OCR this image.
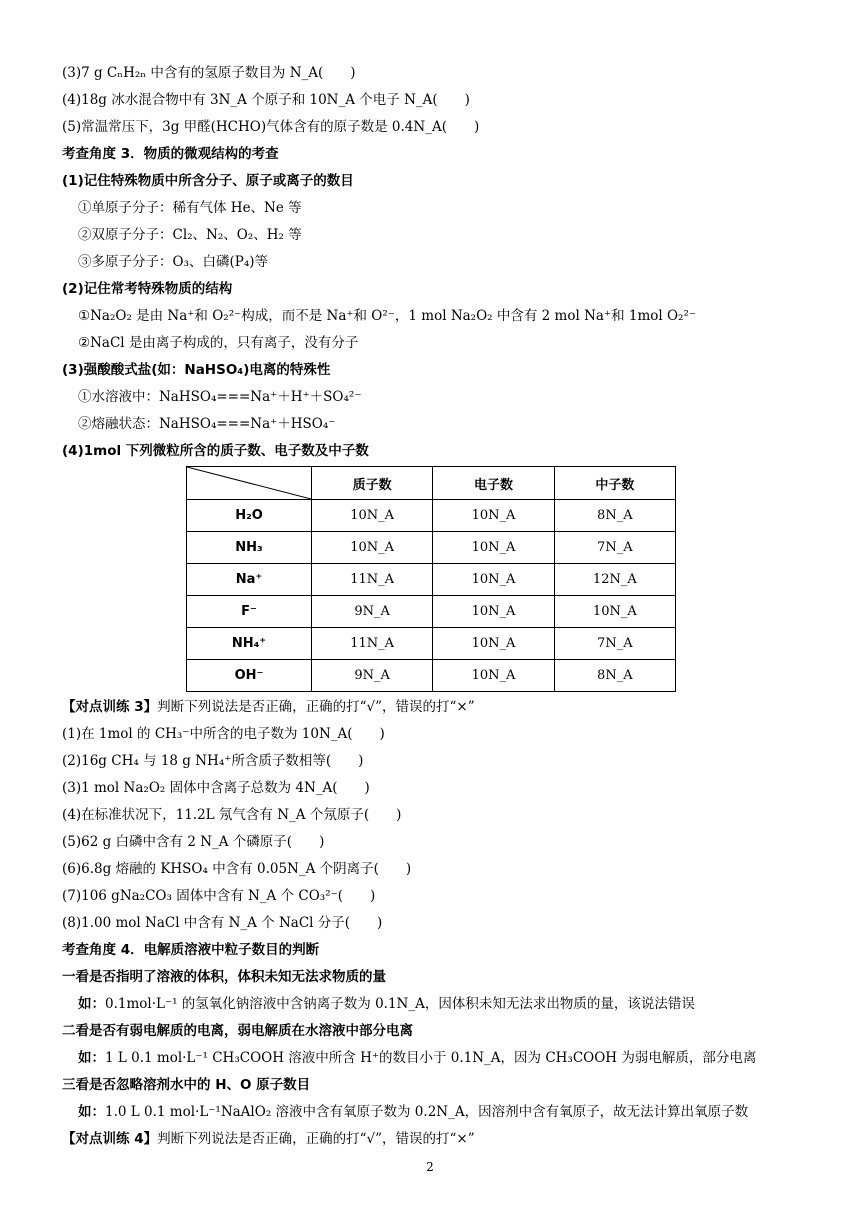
(3)7 g CₙH₂ₙ 中含有的氢原子数目为 N_A(　　)
(4)18g 冰水混合物中有 3N_A 个原子和 10N_A 个电子 N_A(　　)
(5)常温常压下，3g 甲醛(HCHO)气体含有的原子数是 0.4N_A(　　)
考查角度 3．物质的微观结构的考查
(1)记住特殊物质中所含分子、原子或离子的数目
①单原子分子：稀有气体 He、Ne 等
②双原子分子：Cl₂、N₂、O₂、H₂ 等
③多原子分子：O₃、白磷(P₄)等
(2)记住常考特殊物质的结构
①Na₂O₂ 是由 Na⁺和 O₂²⁻构成，而不是 Na⁺和 O²⁻，1 mol Na₂O₂ 中含有 2 mol Na⁺和 1mol O₂²⁻
②NaCl 是由离子构成的，只有离子，没有分子
(3)强酸酸式盐(如：NaHSO₄)电离的特殊性
①水溶液中：NaHSO₄===Na⁺＋H⁺＋SO₄²⁻
②熔融状态：NaHSO₄===Na⁺＋HSO₄⁻
(4)1mol 下列微粒所含的质子数、电子数及中子数
	质子数	电子数	中子数
H₂O	10N_A	10N_A	8N_A
NH₃	10N_A	10N_A	7N_A
Na⁺	11N_A	10N_A	12N_A
F⁻	9N_A	10N_A	10N_A
NH₄⁺	11N_A	10N_A	7N_A
OH⁻	9N_A	10N_A	8N_A
【对点训练 3】判断下列说法是否正确，正确的打“√”，错误的打“×”
(1)在 1mol 的 CH₃⁻中所含的电子数为 10N_A(　　)
(2)16g CH₄ 与 18 g NH₄⁺所含质子数相等(　　)
(3)1 mol Na₂O₂ 固体中含离子总数为 4N_A(　　)
(4)在标准状况下，11.2L 氖气含有 N_A 个氖原子(　　)
(5)62 g 白磷中含有 2 N_A 个磷原子(　　)
(6)6.8g 熔融的 KHSO₄ 中含有 0.05N_A 个阴离子(　　)
(7)106 gNa₂CO₃ 固体中含有 N_A 个 CO₃²⁻(　　)
(8)1.00 mol NaCl 中含有 N_A 个 NaCl 分子(　　)
考查角度 4．电解质溶液中粒子数目的判断
一看是否指明了溶液的体积，体积未知无法求物质的量
如：0.1mol·L⁻¹ 的氢氧化钠溶液中含钠离子数为 0.1N_A，因体积未知无法求出物质的量，该说法错误
二看是否有弱电解质的电离，弱电解质在水溶液中部分电离
如：1 L 0.1 mol·L⁻¹ CH₃COOH 溶液中所含 H⁺的数目小于 0.1N_A，因为 CH₃COOH 为弱电解质，部分电离
三看是否忽略溶剂水中的 H、O 原子数目
如：1.0 L 0.1 mol·L⁻¹NaAlO₂ 溶液中含有氧原子数为 0.2N_A，因溶剂中含有氧原子，故无法计算出氧原子数
【对点训练 4】判断下列说法是否正确，正确的打“√”，错误的打“×”
2
